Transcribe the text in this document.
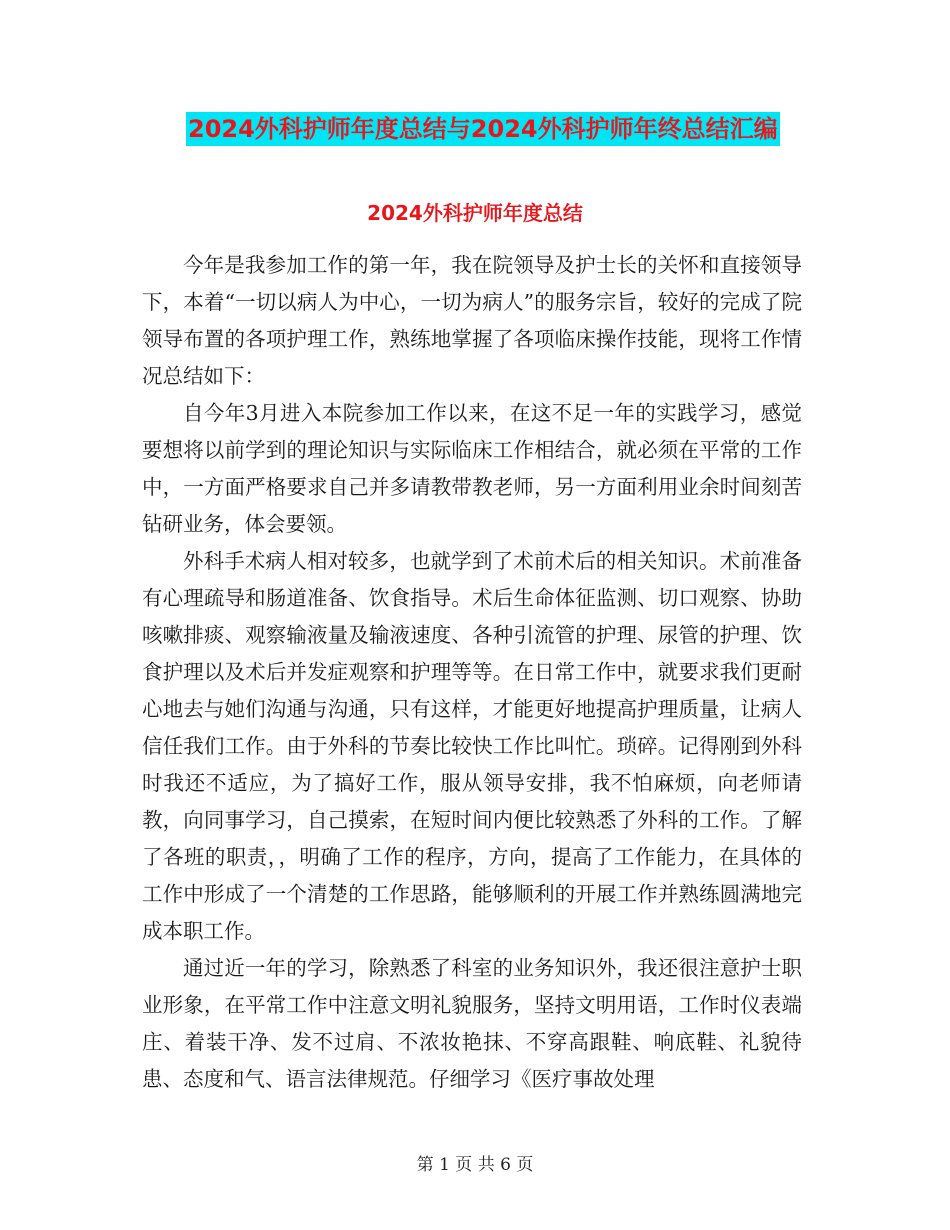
2024外科护师年度总结与2024外科护师年终总结汇编
2024外科护师年度总结

今年是我参加工作的第一年，我在院领导及护士长的关怀和直接领导下，本着“一切以病人为中心，一切为病人”的服务宗旨，较好的完成了院领导布置的各项护理工作，熟练地掌握了各项临床操作技能，现将工作情况总结如下：

自今年3月进入本院参加工作以来，在这不足一年的实践学习，感觉要想将以前学到的理论知识与实际临床工作相结合，就必须在平常的工作中，一方面严格要求自己并多请教带教老师，另一方面利用业余时间刻苦钻研业务，体会要领。

外科手术病人相对较多，也就学到了术前术后的相关知识。术前准备有心理疏导和肠道准备、饮食指导。术后生命体征监测、切口观察、协助咳嗽排痰、观察输液量及输液速度、各种引流管的护理、尿管的护理、饮食护理以及术后并发症观察和护理等等。在日常工作中，就要求我们更耐心地去与她们沟通与沟通，只有这样，才能更好地提高护理质量，让病人信任我们工作。由于外科的节奏比较快工作比叫忙。琐碎。记得刚到外科时我还不适应，为了搞好工作，服从领导安排，我不怕麻烦，向老师请教，向同事学习，自己摸索，在短时间内便比较熟悉了外科的工作。了解了各班的职责，，明确了工作的程序，方向，提高了工作能力，在具体的工作中形成了一个清楚的工作思路，能够顺利的开展工作并熟练圆满地完成本职工作。

通过近一年的学习，除熟悉了科室的业务知识外，我还很注意护士职业形象，在平常工作中注意文明礼貌服务，坚持文明用语，工作时仪表端庄、着装干净、发不过肩、不浓妆艳抹、不穿高跟鞋、响底鞋、礼貌待患、态度和气、语言法律规范。仔细学习《医疗事故处理

第 1 页 共 6 页
